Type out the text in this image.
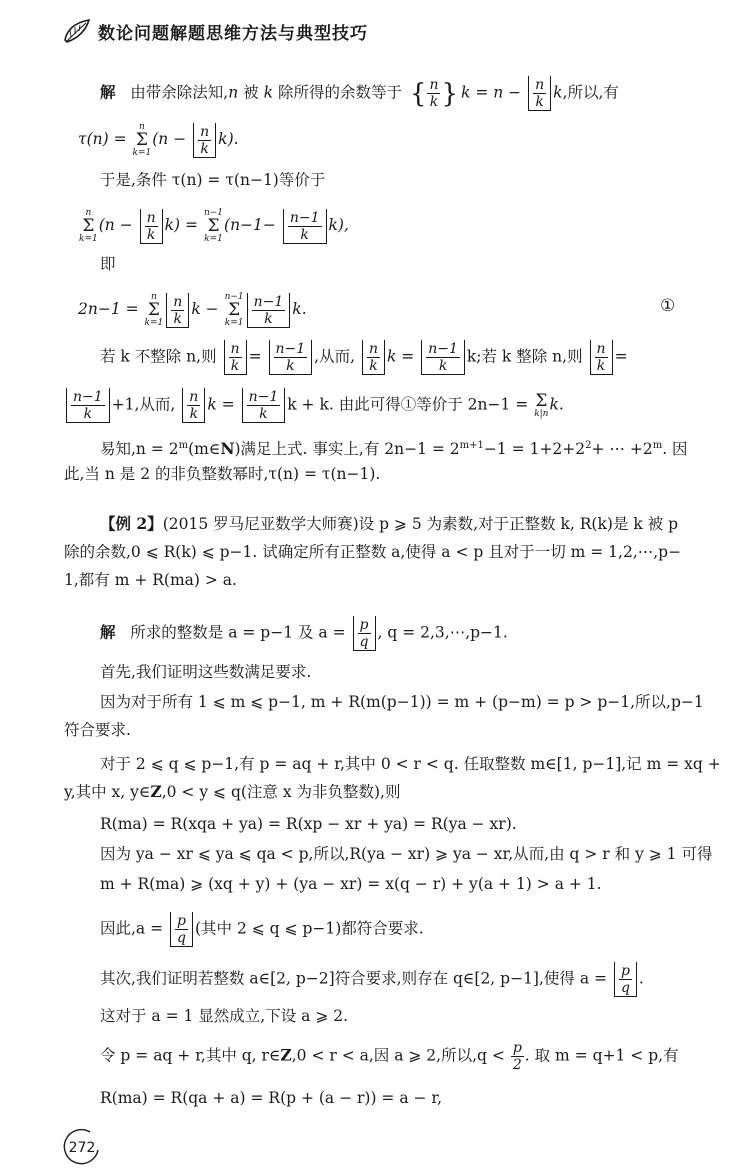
数论问题解题思维方法与典型技巧
解 由带余除法知,n 被 k 除所得的余数等于
{ $\frac{n}{k}$
} $k = n - \frac{n}{k} k$,所以,有
τ(n) =
n
Σ
k=1
$(n - \frac{n}{k} k)$.
于是,条件 τ(n) = τ(n−1)等价于
n
Σ
k=1
$(n - \frac{n}{k} k)$ =
n−1
Σ
k=1
$(n-1- \frac{n-1}{k} k)$,
即
2n−1 =
n
Σ
$k=1 \frac{n}{k}$ k −
n−1
Σ
$k=1 \frac{n-1}{k} k$.	①
若 k 不整除 n,则 $\frac{n}{k} = \frac{n-1}{k}$ ,从而, $\frac{n}{k}$ $k = \frac{n-1}{k} k$;若 k 整除 n,则 $\frac{n}{k}$ =
$\frac{n-1}{k} +1$,从而, $\frac{n}{k}$ $k = \frac{n-1}{k}$ k + k. 由此可得①等价于 2n−1 = Σ
k|n k.
易知$,n = 2^m(m\in N)$满足上式. 事实上,有 $2n-1 = 2^{m+1}-1 = 1+2+2^2+$ ⋯ $+2^m$. 因
此,当 n 是 2 的非负整数幂时,τ(n) = τ(n−1).
【例 2】(2015 罗马尼亚数学大师赛)设 p ⩾ 5 为素数,对于正整数 k, R(k)是 k 被 p
除的余数,0 ⩽ R(k) ⩽ p−1. 试确定所有正整数 a,使得 a < p 且对于一切 m = 1,2,⋯,p−
1,都有 m + R(ma) > a.
解 所求的整数是 a = p−1 及 $a = \frac{p}{q}$ , q = 2,3,⋯,p−1.
首先,我们证明这些数满足要求.
因为对于所有 1 ⩽ m ⩽ p−1, m + R(m(p−1)) = m + (p−m) = p > p−1,所以,p−1
符合要求.
对于 2 ⩽ q ⩽ p−1,有 p = aq + r,其中 0 < r < q. 任取整数 m∈[1, p−1],记 m = xq +
y,其中 x, y∈Z,0 < y ⩽ q(注意 x 为非负整数),则
R(ma) = R(xqa + ya) = R(xp − xr + ya) = R(ya − xr).
因为 ya − xr ⩽ ya ⩽ qa < p,所以,R(ya − xr) ⩾ ya − xr,从而,由 q > r 和 y ⩾ 1 可得
m + R(ma) ⩾ (xq + y) + (ya − xr) = x(q − r) + y(a + 1) > a + 1.
因此$,a = \frac{p}{q}$ (其中 2 ⩽ q ⩽ p−1)都符合要求.
其次,我们证明若整数 a∈[2, p−2]符合要求,则存在 q∈[2, p−1],使得 $a = \frac{p}{q}$ .
这对于 a = 1 显然成立,下设 a ⩾ 2.
令 p = aq + r,其中 q, r∈Z,0 < r < a,因 a ⩾ 2,所以$,q < \frac{p}{2}$ . 取 m = q+1 < p,有
R(ma) = R(qa + a) = R(p + (a − r)) = a − r,
272
